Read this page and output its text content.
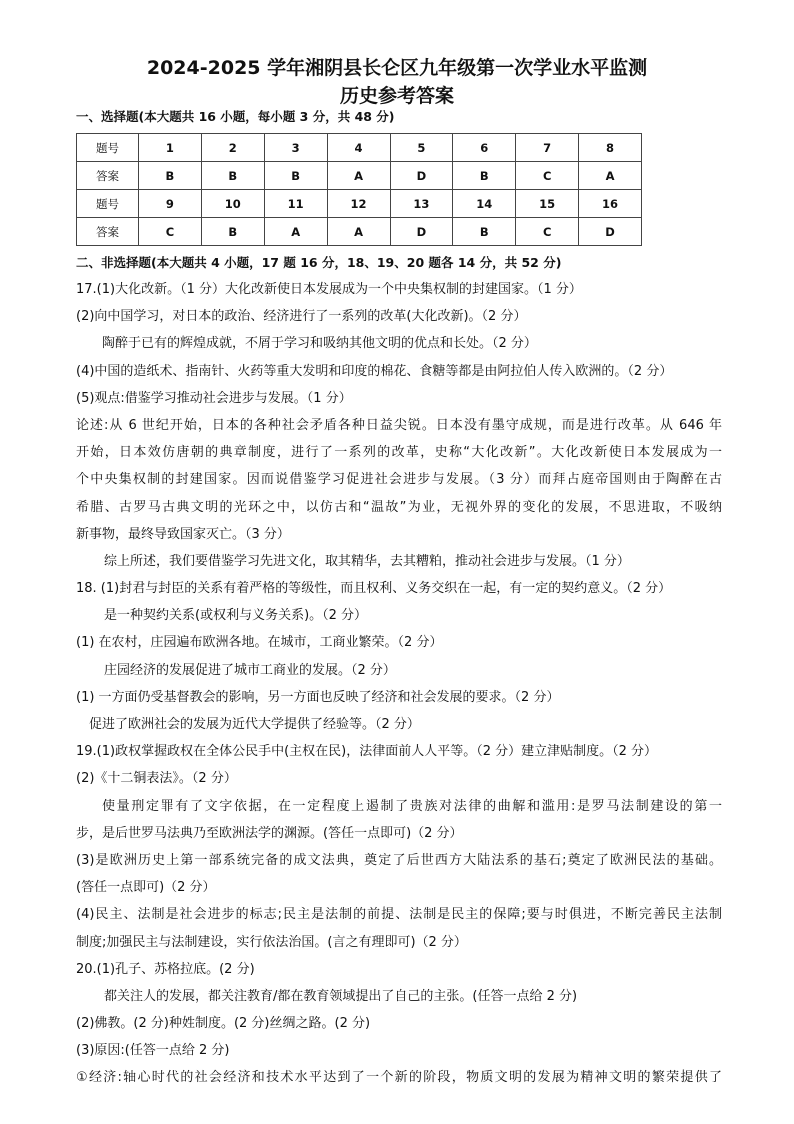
2024-2025 学年湘阴县长仑区九年级第一次学业水平监测
历史参考答案
一、选择题(本大题共 16 小题，每小题 3 分，共 48 分)
题号	1	2	3	4	5	6	7	8
答案	B	B	B	A	D	B	C	A
题号	9	10	11	12	13	14	15	16
答案	C	B	A	A	D	B	C	D
二、非选择题(本大题共 4 小题，17 题 16 分，18、19、20 题各 14 分，共 52 分)
17.(1)大化改新。（1 分）大化改新使日本发展成为一个中央集权制的封建国家。（1 分）
(2)向中国学习，对日本的政治、经济进行了一系列的改革(大化改新)。（2 分）
陶醉于已有的辉煌成就，不屑于学习和吸纳其他文明的优点和长处。（2 分）
(4)中国的造纸术、指南针、火药等重大发明和印度的棉花、食糖等都是由阿拉伯人传入欧洲的。（2 分）
(5)观点:借鉴学习推动社会进步与发展。（1 分）
论述:从 6 世纪开始，日本的各种社会矛盾各种日益尖锐。日本没有墨守成规，而是进行改革。从 646 年
开始，日本效仿唐朝的典章制度，进行了一系列的改革，史称“大化改新”。大化改新使日本发展成为一
个中央集权制的封建国家。因而说借鉴学习促进社会进步与发展。（3 分）而拜占庭帝国则由于陶醉在古
希腊、古罗马古典文明的光环之中，以仿古和“温故”为业，无视外界的变化的发展，不思进取，不吸纳
新事物，最终导致国家灭亡。（3 分）
综上所述，我们要借鉴学习先进文化，取其精华，去其糟粕，推动社会进步与发展。（1 分）
18. (1)封君与封臣的关系有着严格的等级性，而且权利、义务交织在一起，有一定的契约意义。（2 分）
是一种契约关系(或权利与义务关系)。（2 分）
(1) 在农村，庄园遍布欧洲各地。在城市，工商业繁荣。（2 分）
庄园经济的发展促进了城市工商业的发展。（2 分）
(1) 一方面仍受基督教会的影响，另一方面也反映了经济和社会发展的要求。（2 分）
促进了欧洲社会的发展为近代大学提供了经验等。（2 分）
19.(1)政权掌握政权在全体公民手中(主权在民)，法律面前人人平等。（2 分）建立津贴制度。（2 分）
(2)《十二铜表法》。（2 分）
使量刑定罪有了文字依据，在一定程度上遏制了贵族对法律的曲解和滥用:是罗马法制建设的第一
步，是后世罗马法典乃至欧洲法学的渊源。(答任一点即可)（2 分）
(3)是欧洲历史上第一部系统完备的成文法典，奠定了后世西方大陆法系的基石;奠定了欧洲民法的基础。
(答任一点即可)（2 分）
(4)民主、法制是社会进步的标志;民主是法制的前提、法制是民主的保障;要与时俱进，不断完善民主法制
制度;加强民主与法制建设，实行依法治国。(言之有理即可)（2 分）
20.(1)孔子、苏格拉底。(2 分)
都关注人的发展，都关注教育/都在教育领域提出了自己的主张。(任答一点给 2 分)
(2)佛教。(2 分)种姓制度。(2 分)丝绸之路。(2 分)
(3)原因:(任答一点给 2 分)
①经济:轴心时代的社会经济和技术水平达到了一个新的阶段，物质文明的发展为精神文明的繁荣提供了
